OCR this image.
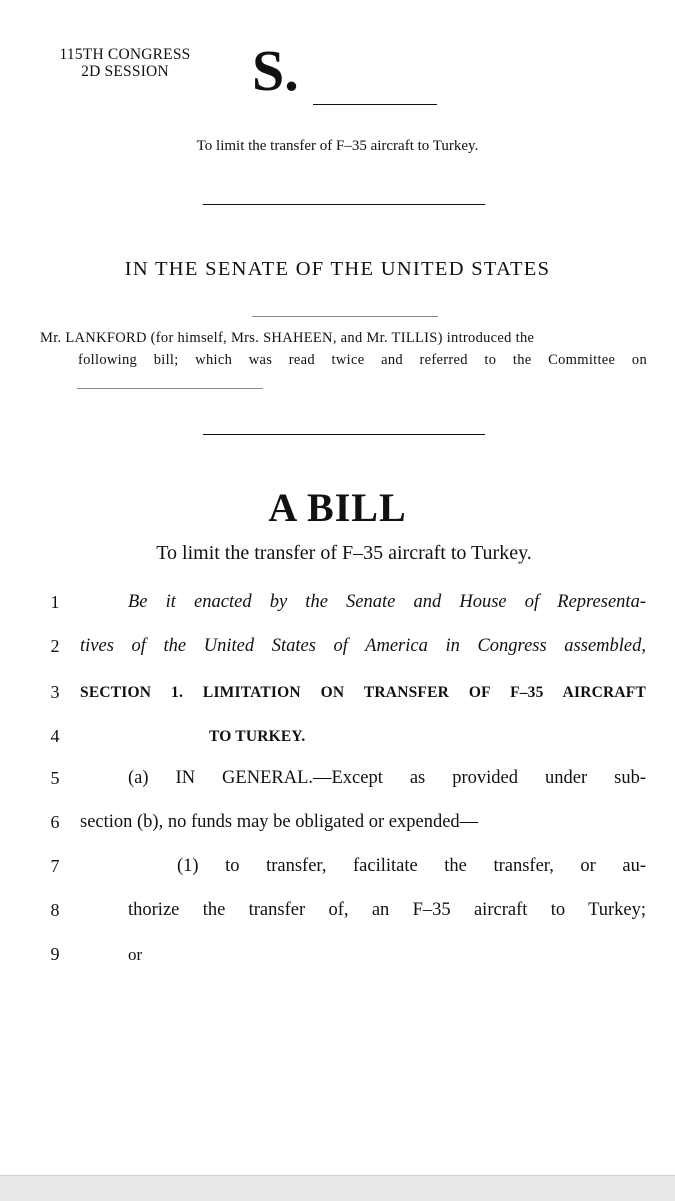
115TH CONGRESS
2D SESSION	S.
To limit the transfer of F–35 aircraft to Turkey.
IN THE SENATE OF THE UNITED STATES
Mr. LANKFORD (for himself, Mrs. SHAHEEN, and Mr. TILLIS) introduced the
following bill; which was read twice and referred to the Committee on
A BILL
To limit the transfer of F–35 aircraft to Turkey.
1	Be it enacted by the Senate and House of Representa-
2	tives of the United States of America in Congress assembled,
3	SECTION 1. LIMITATION ON TRANSFER OF F–35 AIRCRAFT
4	TO TURKEY.
5	(a) IN GENERAL.—Except as provided under sub-
6	section (b), no funds may be obligated or expended—
7	(1) to transfer, facilitate the transfer, or au-
8	thorize the transfer of, an F–35 aircraft to Turkey;
9	or
